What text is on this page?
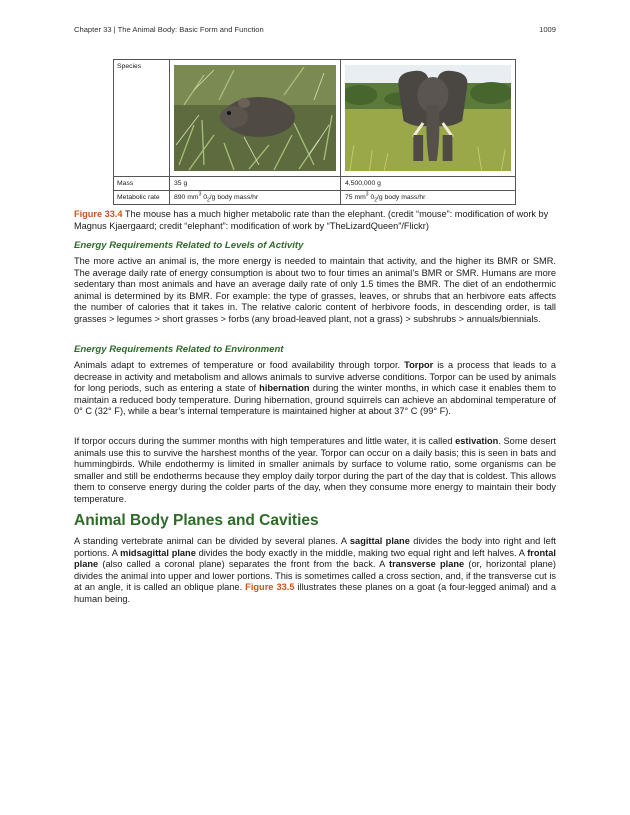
Chapter 33 | The Animal Body: Basic Form and Function	1009
Species	

Mass	35 g	4,500,000 g
Metabolic rate	890 $mm^3$ $0_2/g$ body mass/hr	75 $mm^3$ $0_2/g$ body mass/hr
Figure 33.4 The mouse has a much higher metabolic rate than the elephant. (credit “mouse”: modification of work by Magnus Kjaergaard; credit “elephant”: modification of work by “TheLizardQueen”/Flickr)
Energy Requirements Related to Levels of Activity
The more active an animal is, the more energy is needed to maintain that activity, and the higher its BMR or SMR. The average daily rate of energy consumption is about two to four times an animal’s BMR or SMR. Humans are more sedentary than most animals and have an average daily rate of only 1.5 times the BMR. The diet of an endothermic animal is determined by its BMR. For example: the type of grasses, leaves, or shrubs that an herbivore eats affects the number of calories that it takes in. The relative caloric content of herbivore foods, in descending order, is tall grasses > legumes > short grasses > forbs (any broad-leaved plant, not a grass) > subshrubs > annuals/biennials.
Energy Requirements Related to Environment
Animals adapt to extremes of temperature or food availability through torpor. Torpor is a process that leads to a decrease in activity and metabolism and allows animals to survive adverse conditions. Torpor can be used by animals for long periods, such as entering a state of hibernation during the winter months, in which case it enables them to maintain a reduced body temperature. During hibernation, ground squirrels can achieve an abdominal temperature of 0° C (32° F), while a bear’s internal temperature is maintained higher at about 37° C (99° F).
If torpor occurs during the summer months with high temperatures and little water, it is called estivation. Some desert animals use this to survive the harshest months of the year. Torpor can occur on a daily basis; this is seen in bats and hummingbirds. While endothermy is limited in smaller animals by surface to volume ratio, some organisms can be smaller and still be endotherms because they employ daily torpor during the part of the day that is coldest. This allows them to conserve energy during the colder parts of the day, when they consume more energy to maintain their body temperature.
Animal Body Planes and Cavities
A standing vertebrate animal can be divided by several planes. A sagittal plane divides the body into right and left portions. A midsagittal plane divides the body exactly in the middle, making two equal right and left halves. A frontal plane (also called a coronal plane) separates the front from the back. A transverse plane (or, horizontal plane) divides the animal into upper and lower portions. This is sometimes called a cross section, and, if the transverse cut is at an angle, it is called an oblique plane. Figure 33.5 illustrates these planes on a goat (a four-legged animal) and a human being.
